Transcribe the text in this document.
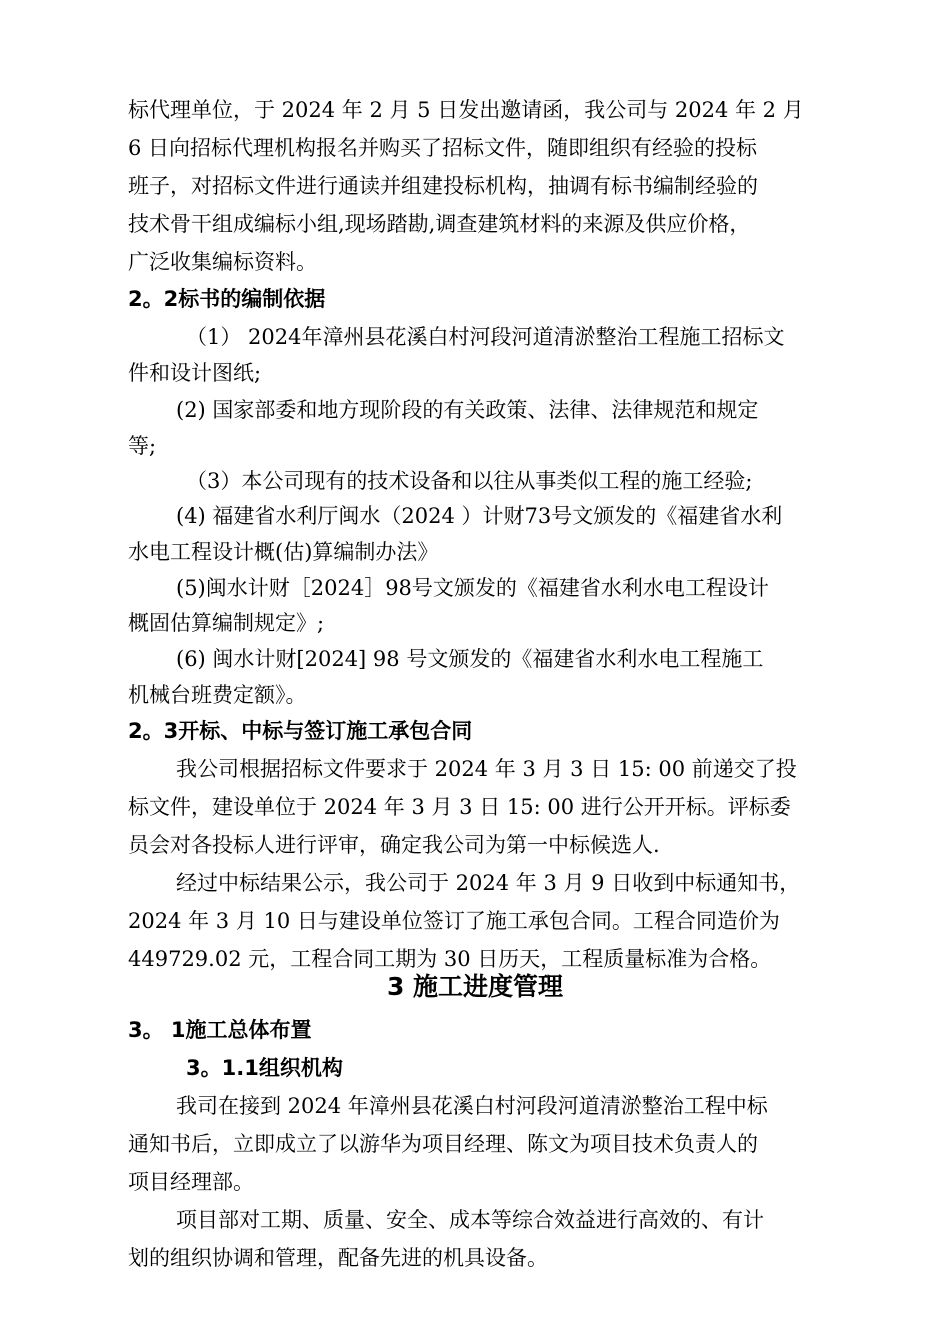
标代理单位，于 2024 年 2 月 5 日发出邀请函，我公司与 2024 年 2 月
6 日向招标代理机构报名并购买了招标文件，随即组织有经验的投标
班子，对招标文件进行通读并组建投标机构，抽调有标书编制经验的
技术骨干组成编标小组,现场踏勘,调查建筑材料的来源及供应价格，
广泛收集编标资料。
2。2标书的编制依据
（1） 2024年漳州县花溪白村河段河道清淤整治工程施工招标文
件和设计图纸;
(2) 国家部委和地方现阶段的有关政策、法律、法律规范和规定
等;
（3）本公司现有的技术设备和以往从事类似工程的施工经验;
(4) 福建省水利厅闽水（2024 ）计财73号文颁发的《福建省水利
水电工程设计概(估)算编制办法》
(5)闽水计财［2024］98号文颁发的《福建省水利水电工程设计
概固估算编制规定》;
(6) 闽水计财[2024] 98 号文颁发的《福建省水利水电工程施工
机械台班费定额》。
2。3开标、中标与签订施工承包合同
我公司根据招标文件要求于 2024 年 3 月 3 日 15: 00 前递交了投
标文件，建设单位于 2024 年 3 月 3 日 15: 00 进行公开开标。评标委
员会对各投标人进行评审，确定我公司为第一中标候选人.
经过中标结果公示，我公司于 2024 年 3 月 9 日收到中标通知书，
2024 年 3 月 10 日与建设单位签订了施工承包合同。工程合同造价为
449729.02 元，工程合同工期为 30 日历天，工程质量标准为合格。
3 施工进度管理
3。 1施工总体布置
3。1.1组织机构
我司在接到 2024 年漳州县花溪白村河段河道清淤整治工程中标
通知书后，立即成立了以游华为项目经理、陈文为项目技术负责人的
项目经理部。
项目部对工期、质量、安全、成本等综合效益进行高效的、有计
划的组织协调和管理，配备先进的机具设备。
